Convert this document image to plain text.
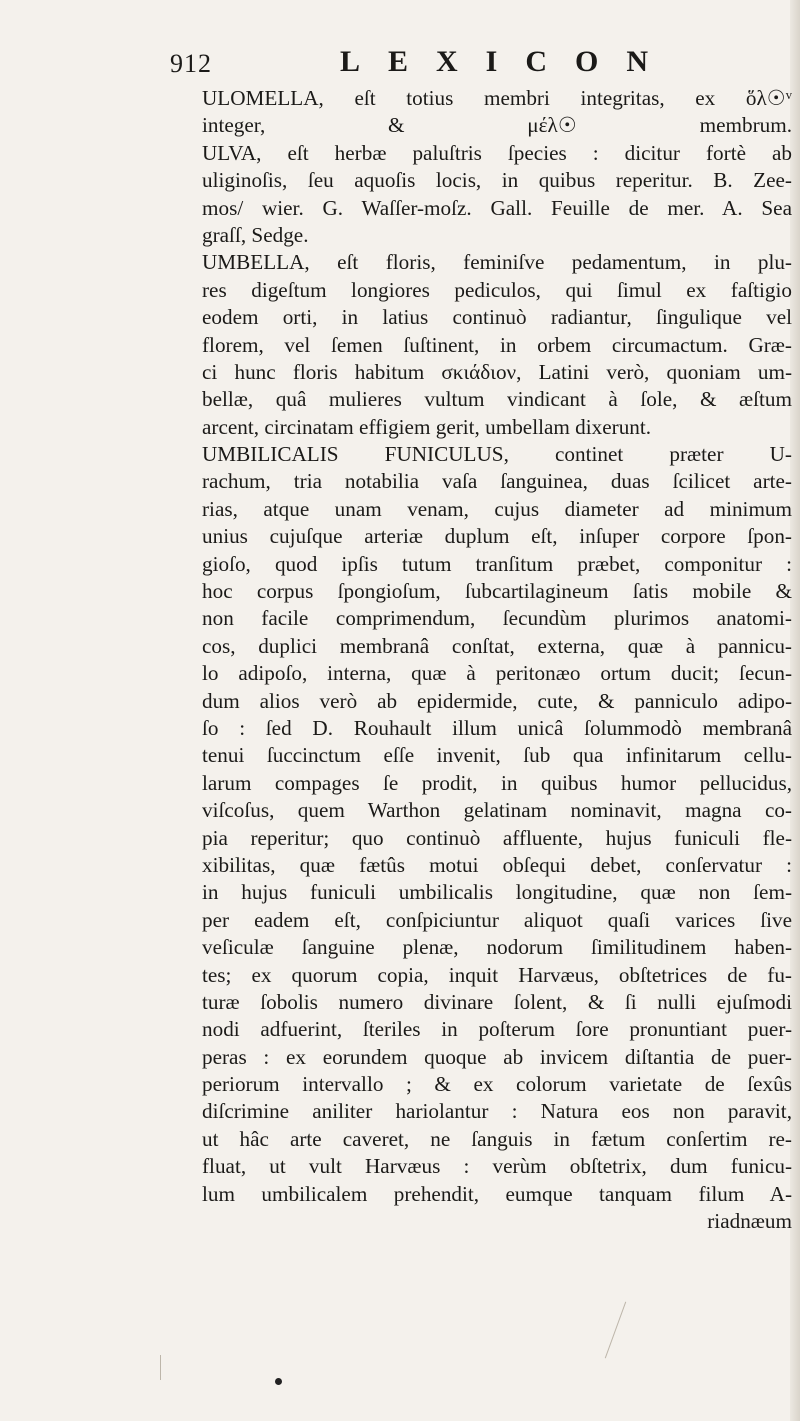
912	LEXICON
ULOMELLA, eſt totius membri integritas, ex ὅλ☉ᵛ
integer, & μέλ☉ membrum.
ULVA, eſt herbæ paluſtris ſpecies : dicitur fortè ab
uliginoſis, ſeu aquoſis locis, in quibus reperitur. B. Zee-
mos/ wier. G. Waſſer-moſz. Gall. Feuille de mer. A. Sea
graſſ, Sedge.
UMBELLA, eſt floris, feminiſve pedamentum, in plu-
res digeſtum longiores pediculos, qui ſimul ex faſtigio
eodem orti, in latius continuò radiantur, ſingulique vel
florem, vel ſemen ſuſtinent, in orbem circumactum. Græ-
ci hunc floris habitum σκιάδιον, Latini verò, quoniam um-
bellæ, quâ mulieres vultum vindicant à ſole, & æſtum
arcent, circinatam effigiem gerit, umbellam dixerunt.
UMBILICALIS FUNICULUS, continet præter U-
rachum, tria notabilia vaſa ſanguinea, duas ſcilicet arte-
rias, atque unam venam, cujus diameter ad minimum
unius cujuſque arteriæ duplum eſt, inſuper corpore ſpon-
gioſo, quod ipſis tutum tranſitum præbet, componitur :
hoc corpus ſpongioſum, ſubcartilagineum ſatis mobile &
non facile comprimendum, ſecundùm plurimos anatomi-
cos, duplici membranâ conſtat, externa, quæ à pannicu-
lo adipoſo, interna, quæ à peritonæo ortum ducit; ſecun-
dum alios verò ab epidermide, cute, & panniculo adipo-
ſo : ſed D. Rouhault illum unicâ ſolummodò membranâ
tenui ſuccinctum eſſe invenit, ſub qua infinitarum cellu-
larum compages ſe prodit, in quibus humor pellucidus,
viſcoſus, quem Warthon gelatinam nominavit, magna co-
pia reperitur; quo continuò affluente, hujus funiculi fle-
xibilitas, quæ fætûs motui obſequi debet, conſervatur :
in hujus funiculi umbilicalis longitudine, quæ non ſem-
per eadem eſt, conſpiciuntur aliquot quaſi varices ſive
veſiculæ ſanguine plenæ, nodorum ſimilitudinem haben-
tes; ex quorum copia, inquit Harvæus, obſtetrices de fu-
turæ ſobolis numero divinare ſolent, & ſi nulli ejuſmodi
nodi adfuerint, ſteriles in poſterum ſore pronuntiant puer-
peras : ex eorundem quoque ab invicem diſtantia de puer-
periorum intervallo ; & ex colorum varietate de ſexûs
diſcrimine aniliter hariolantur : Natura eos non paravit,
ut hâc arte caveret, ne ſanguis in fætum conſertim re-
fluat, ut vult Harvæus : verùm obſtetrix, dum funicu-
lum umbilicalem prehendit, eumque tanquam filum A-
riadnæum
